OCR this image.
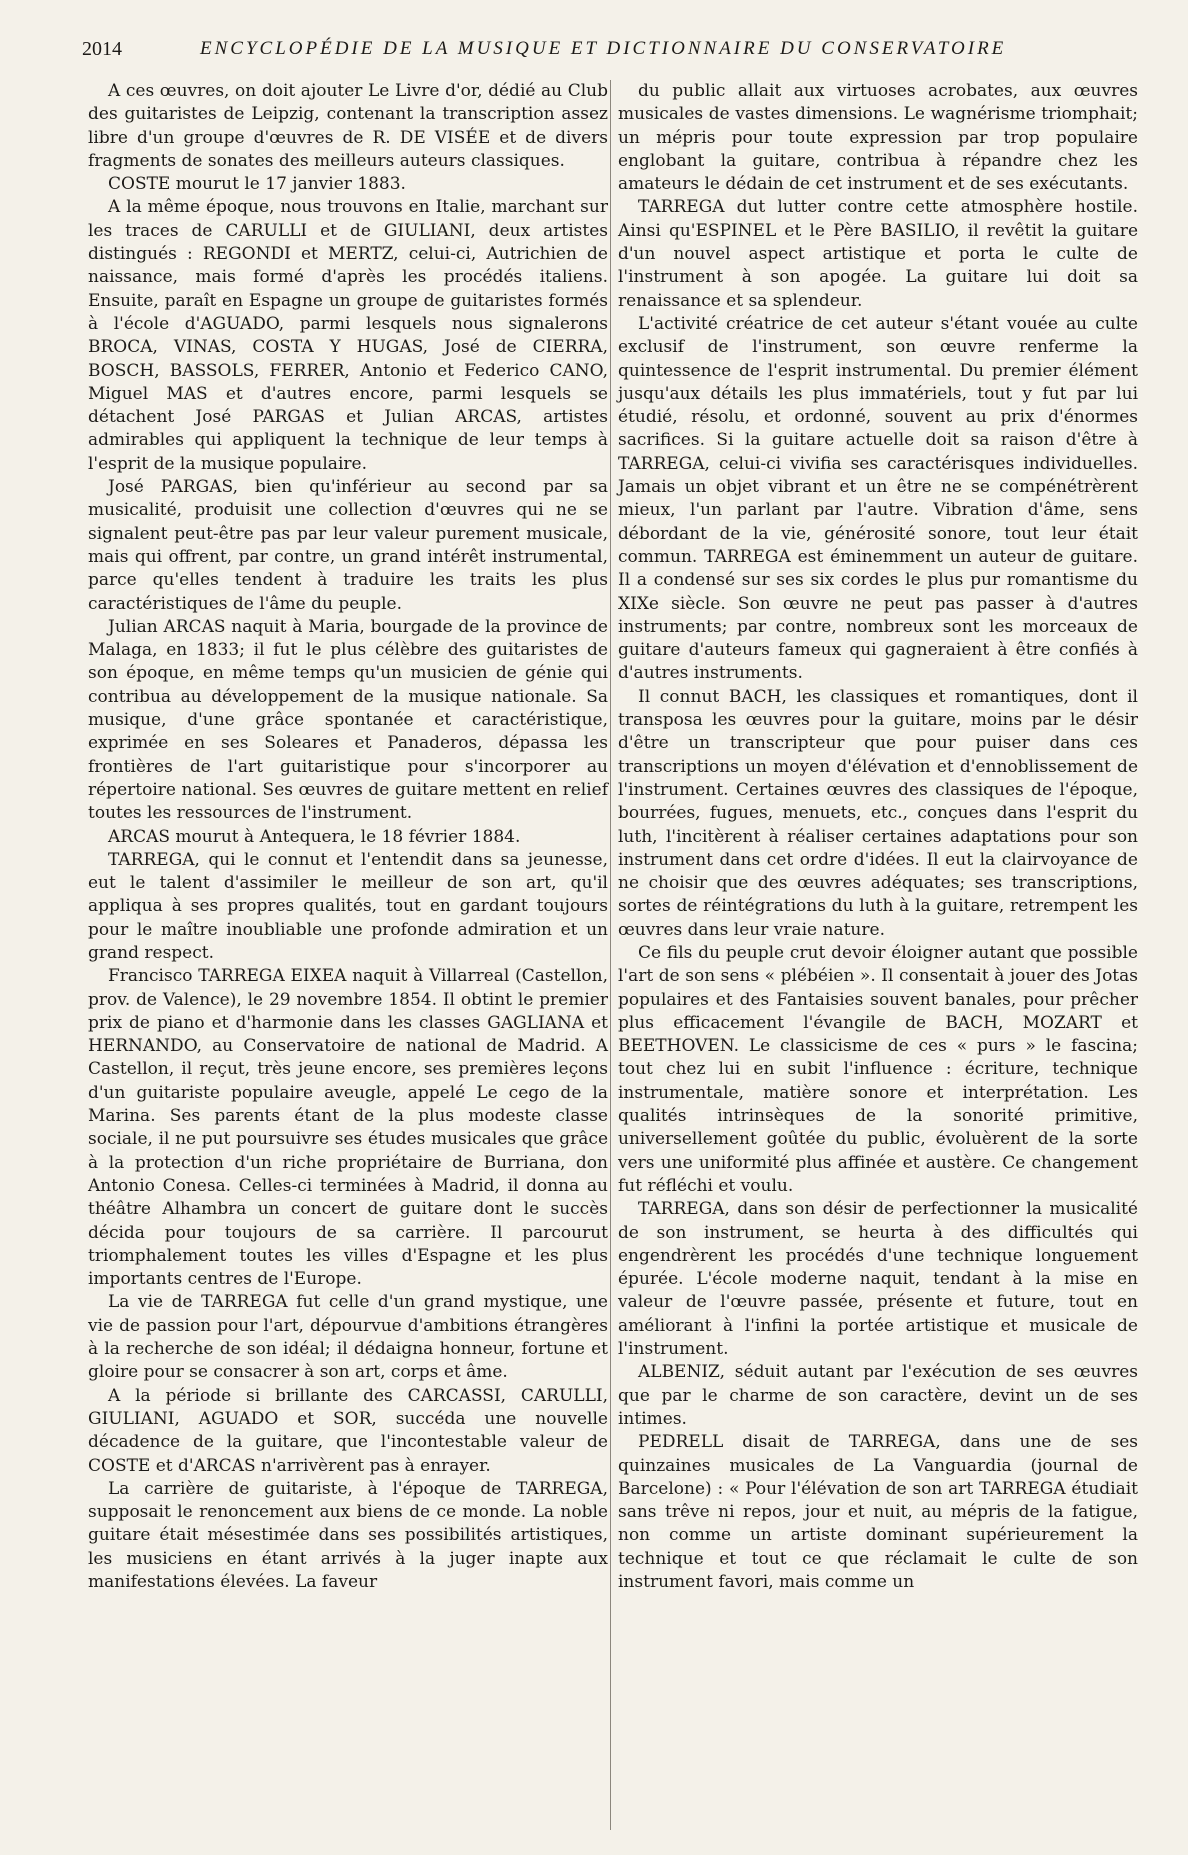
2014	ENCYCLOPÉDIE DE LA MUSIQUE ET DICTIONNAIRE DU CONSERVATOIRE

A ces œuvres, on doit ajouter Le Livre d'or, dédié au Club des guitaristes de Leipzig, contenant la transcription assez libre d'un groupe d'œuvres de R. DE VISÉE et de divers fragments de sonates des meilleurs auteurs classiques.

COSTE mourut le 17 janvier 1883.

A la même époque, nous trouvons en Italie, marchant sur les traces de CARULLI et de GIULIANI, deux artistes distingués : REGONDI et MERTZ, celui-ci, Autrichien de naissance, mais formé d'après les procédés italiens. Ensuite, paraît en Espagne un groupe de guitaristes formés à l'école d'AGUADO, parmi lesquels nous signalerons BROCA, VINAS, COSTA Y HUGAS, José de CIERRA, BOSCH, BASSOLS, FERRER, Antonio et Federico CANO, Miguel MAS et d'autres encore, parmi lesquels se détachent José PARGAS et Julian ARCAS, artistes admirables qui appliquent la technique de leur temps à l'esprit de la musique populaire.

José PARGAS, bien qu'inférieur au second par sa musicalité, produisit une collection d'œuvres qui ne se signalent peut-être pas par leur valeur purement musicale, mais qui offrent, par contre, un grand intérêt instrumental, parce qu'elles tendent à traduire les traits les plus caractéristiques de l'âme du peuple.

Julian ARCAS naquit à Maria, bourgade de la province de Malaga, en 1833; il fut le plus célèbre des guitaristes de son époque, en même temps qu'un musicien de génie qui contribua au développement de la musique nationale. Sa musique, d'une grâce spontanée et caractéristique, exprimée en ses Soleares et Panaderos, dépassa les frontières de l'art guitaristique pour s'incorporer au répertoire national. Ses œuvres de guitare mettent en relief toutes les ressources de l'instrument.

ARCAS mourut à Antequera, le 18 février 1884.

TARREGA, qui le connut et l'entendit dans sa jeunesse, eut le talent d'assimiler le meilleur de son art, qu'il appliqua à ses propres qualités, tout en gardant toujours pour le maître inoubliable une profonde admiration et un grand respect.

Francisco TARREGA EIXEA naquit à Villarreal (Castellon, prov. de Valence), le 29 novembre 1854. Il obtint le premier prix de piano et d'harmonie dans les classes GAGLIANA et HERNANDO, au Conservatoire de national de Madrid. A Castellon, il reçut, très jeune encore, ses premières leçons d'un guitariste populaire aveugle, appelé Le cego de la Marina. Ses parents étant de la plus modeste classe sociale, il ne put poursuivre ses études musicales que grâce à la protection d'un riche propriétaire de Burriana, don Antonio Conesa. Celles-ci terminées à Madrid, il donna au théâtre Alhambra un concert de guitare dont le succès décida pour toujours de sa carrière. Il parcourut triomphalement toutes les villes d'Espagne et les plus importants centres de l'Europe.

La vie de TARREGA fut celle d'un grand mystique, une vie de passion pour l'art, dépourvue d'ambitions étrangères à la recherche de son idéal; il dédaigna honneur, fortune et gloire pour se consacrer à son art, corps et âme.

A la période si brillante des CARCASSI, CARULLI, GIULIANI, AGUADO et SOR, succéda une nouvelle décadence de la guitare, que l'incontestable valeur de COSTE et d'ARCAS n'arrivèrent pas à enrayer.

La carrière de guitariste, à l'époque de TARREGA, supposait le renoncement aux biens de ce monde. La noble guitare était mésestimée dans ses possibilités artistiques, les musiciens en étant arrivés à la juger inapte aux manifestations élevées. La faveur

du public allait aux virtuoses acrobates, aux œuvres musicales de vastes dimensions. Le wagnérisme triomphait; un mépris pour toute expression par trop populaire englobant la guitare, contribua à répandre chez les amateurs le dédain de cet instrument et de ses exécutants.

TARREGA dut lutter contre cette atmosphère hostile. Ainsi qu'ESPINEL et le Père BASILIO, il revêtit la guitare d'un nouvel aspect artistique et porta le culte de l'instrument à son apogée. La guitare lui doit sa renaissance et sa splendeur.

L'activité créatrice de cet auteur s'étant vouée au culte exclusif de l'instrument, son œuvre renferme la quintessence de l'esprit instrumental. Du premier élément jusqu'aux détails les plus immatériels, tout y fut par lui étudié, résolu, et ordonné, souvent au prix d'énormes sacrifices. Si la guitare actuelle doit sa raison d'être à TARREGA, celui-ci vivifia ses caractérisques individuelles. Jamais un objet vibrant et un être ne se compénétrèrent mieux, l'un parlant par l'autre. Vibration d'âme, sens débordant de la vie, générosité sonore, tout leur était commun. TARREGA est éminemment un auteur de guitare. Il a condensé sur ses six cordes le plus pur romantisme du XIXe siècle. Son œuvre ne peut pas passer à d'autres instruments; par contre, nombreux sont les morceaux de guitare d'auteurs fameux qui gagneraient à être confiés à d'autres instruments.

Il connut BACH, les classiques et romantiques, dont il transposa les œuvres pour la guitare, moins par le désir d'être un transcripteur que pour puiser dans ces transcriptions un moyen d'élévation et d'ennoblissement de l'instrument. Certaines œuvres des classiques de l'époque, bourrées, fugues, menuets, etc., conçues dans l'esprit du luth, l'incitèrent à réaliser certaines adaptations pour son instrument dans cet ordre d'idées. Il eut la clairvoyance de ne choisir que des œuvres adéquates; ses transcriptions, sortes de réintégrations du luth à la guitare, retrempent les œuvres dans leur vraie nature.

Ce fils du peuple crut devoir éloigner autant que possible l'art de son sens « plébéien ». Il consentait à jouer des Jotas populaires et des Fantaisies souvent banales, pour prêcher plus efficacement l'évangile de BACH, MOZART et BEETHOVEN. Le classicisme de ces « purs » le fascina; tout chez lui en subit l'influence : écriture, technique instrumentale, matière sonore et interprétation. Les qualités intrinsèques de la sonorité primitive, universellement goûtée du public, évoluèrent de la sorte vers une uniformité plus affinée et austère. Ce changement fut réfléchi et voulu.

TARREGA, dans son désir de perfectionner la musicalité de son instrument, se heurta à des difficultés qui engendrèrent les procédés d'une technique longuement épurée. L'école moderne naquit, tendant à la mise en valeur de l'œuvre passée, présente et future, tout en améliorant à l'infini la portée artistique et musicale de l'instrument.

ALBENIZ, séduit autant par l'exécution de ses œuvres que par le charme de son caractère, devint un de ses intimes.

PEDRELL disait de TARREGA, dans une de ses quinzaines musicales de La Vanguardia (journal de Barcelone) : « Pour l'élévation de son art TARREGA étudiait sans trêve ni repos, jour et nuit, au mépris de la fatigue, non comme un artiste dominant supérieurement la technique et tout ce que réclamait le culte de son instrument favori, mais comme un
